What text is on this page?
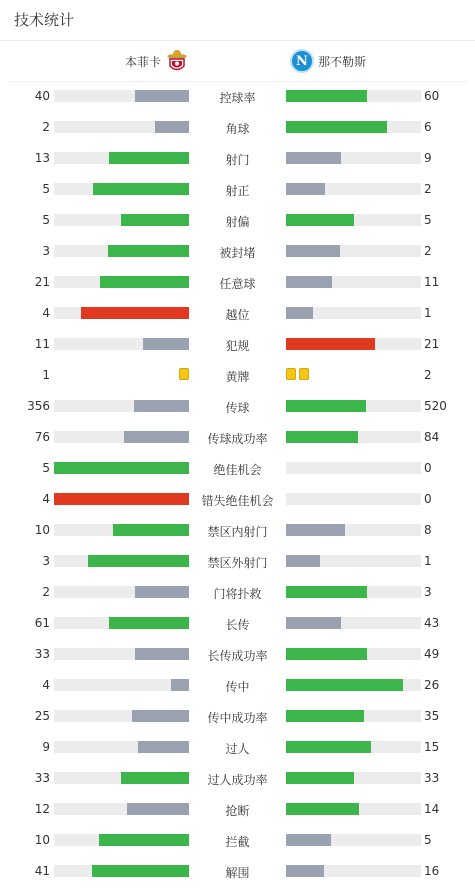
技术统计
本菲卡	N 那不勒斯
40	控球率	60
2	角球	6
13	射门	9
5	射正	2
5	射偏	5
3	被封堵	2
21	任意球	11
4	越位	1
11	犯规	21
1	黄牌	2
356	传球	520
76	传球成功率	84
5	绝佳机会	0
4	错失绝佳机会	0
10	禁区内射门	8
3	禁区外射门	1
2	门将扑救	3
61	长传	43
33	长传成功率	49
4	传中	26
25	传中成功率	35
9	过人	15
33	过人成功率	33
12	抢断	14
10	拦截	5
41	解围	16
